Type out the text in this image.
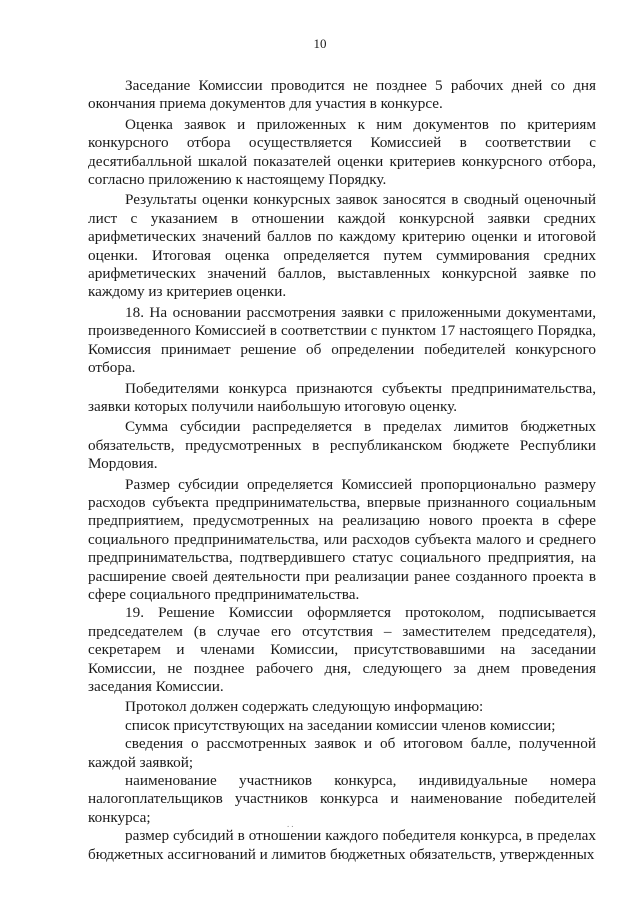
10

Заседание Комиссии проводится не позднее 5 рабочих дней со дня окончания приема документов для участия в конкурсе.

Оценка заявок и приложенных к ним документов по критериям конкурсного отбора осуществляется Комиссией в соответствии с десятибалльной шкалой показателей оценки критериев конкурсного отбора, согласно приложению к настоящему Порядку.

Результаты оценки конкурсных заявок заносятся в сводный оценочный лист с указанием в отношении каждой конкурсной заявки средних арифметических значений баллов по каждому критерию оценки и итоговой оценки. Итоговая оценка определяется путем суммирования средних арифметических значений баллов, выставленных конкурсной заявке по каждому из критериев оценки.

18. На основании рассмотрения заявки с приложенными документами, произведенного Комиссией в соответствии с пунктом 17 настоящего Порядка, Комиссия принимает решение об определении победителей конкурсного отбора.

Победителями конкурса признаются субъекты предпринимательства, заявки которых получили наибольшую итоговую оценку.

Сумма субсидии распределяется в пределах лимитов бюджетных обязательств, предусмотренных в республиканском бюджете Республики Мордовия.

Размер субсидии определяется Комиссией пропорционально размеру расходов субъекта предпринимательства, впервые признанного социальным предприятием, предусмотренных на реализацию нового проекта в сфере социального предпринимательства, или расходов субъекта малого и среднего предпринимательства, подтвердившего статус социального предприятия, на расширение своей деятельности при реализации ранее созданного проекта в сфере социального предпринимательства.

19. Решение Комиссии оформляется протоколом, подписывается председателем (в случае его отсутствия – заместителем председателя), секретарем и членами Комиссии, присутствовавшими на заседании Комиссии, не позднее рабочего дня, следующего за днем проведения заседания Комиссии.

Протокол должен содержать следующую информацию:

список присутствующих на заседании комиссии членов комиссии;

сведения о рассмотренных заявок и об итоговом балле, полученной каждой заявкой;

наименование участников конкурса, индивидуальные номера налогоплательщиков участников конкурса и наименование победителей конкурса;

размер субсидий в отношении каждого победителя конкурса, в пределах бюджетных ассигнований и лимитов бюджетных обязательств, утвержденных

..
